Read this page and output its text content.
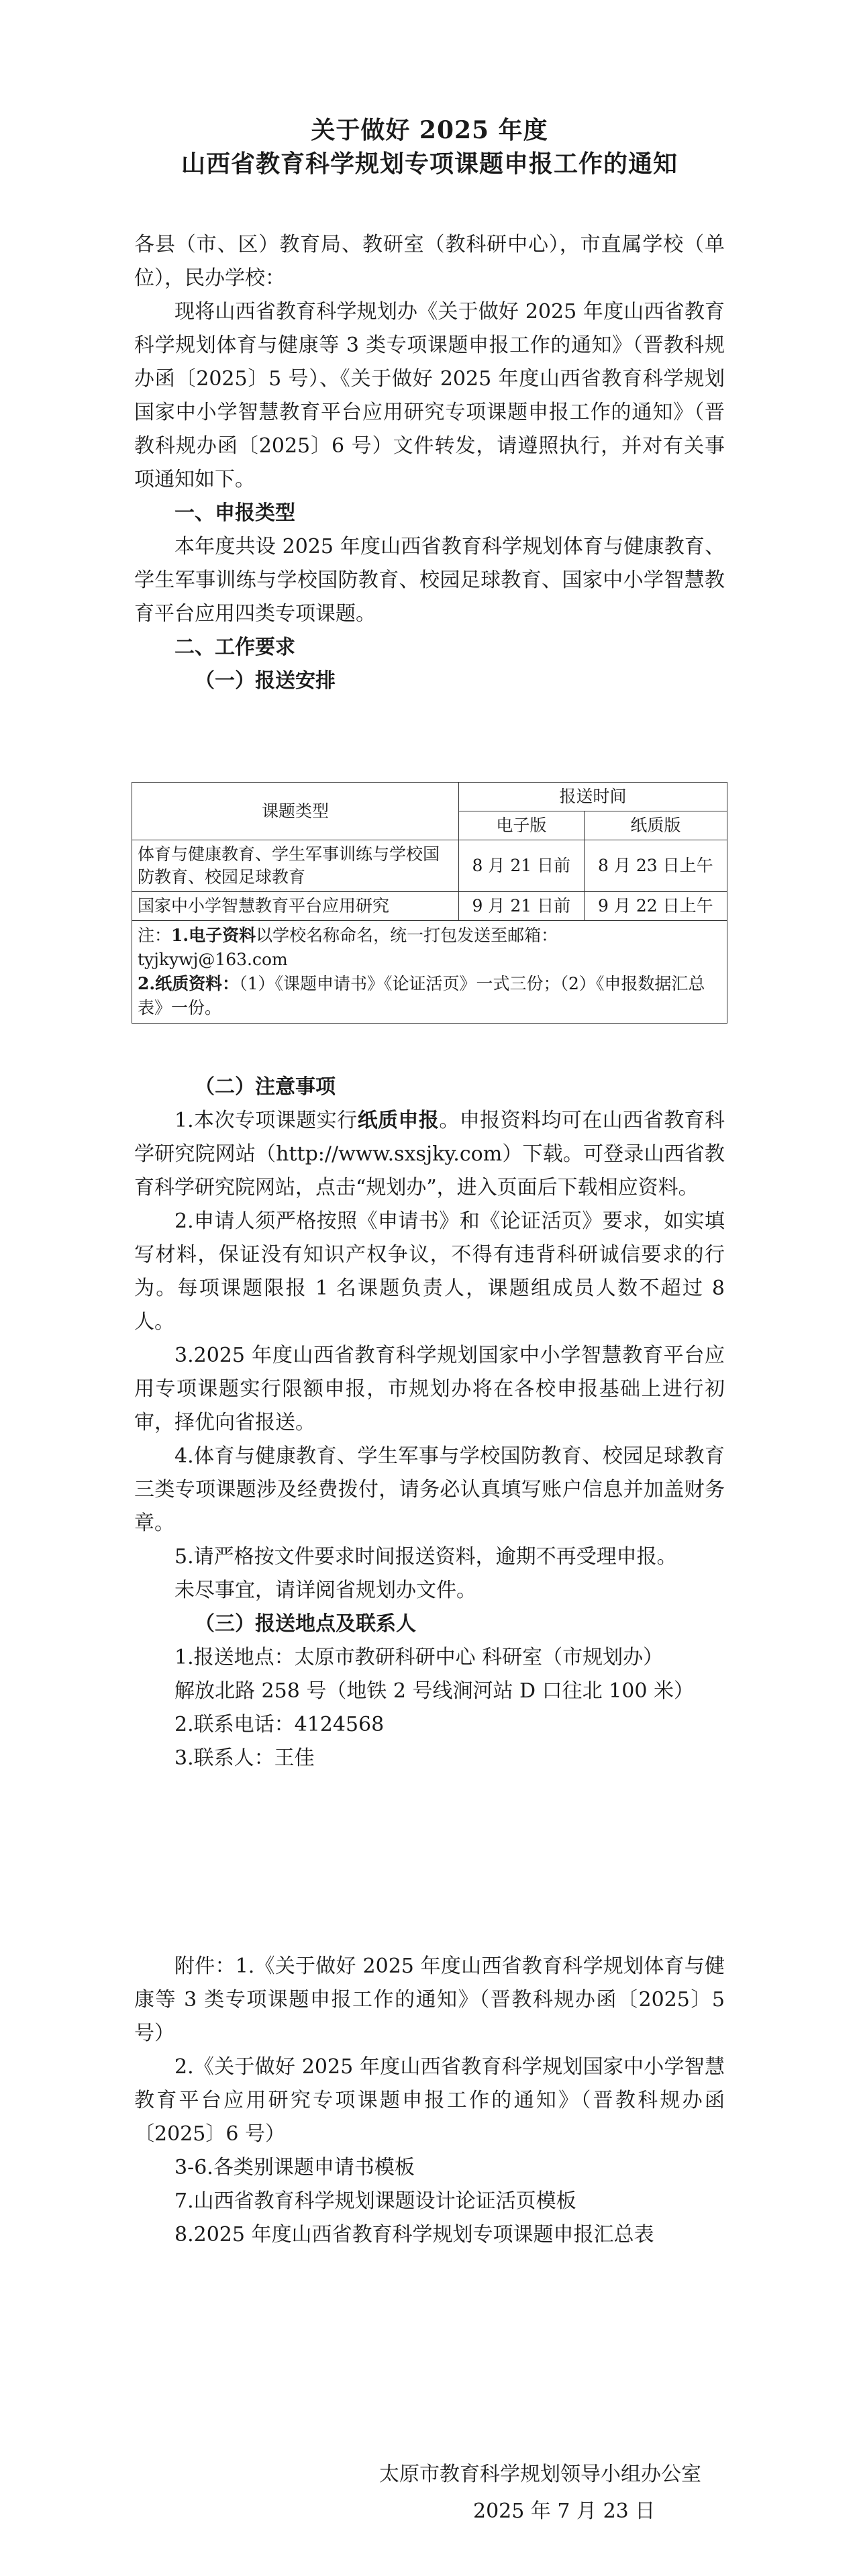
关于做好 2025 年度
山西省教育科学规划专项课题申报工作的通知

各县（市、区）教育局、教研室（教科研中心），市直属学校（单位），民办学校：

现将山西省教育科学规划办《关于做好 2025 年度山西省教育科学规划体育与健康等 3 类专项课题申报工作的通知》（晋教科规办函〔2025〕5 号）、《关于做好 2025 年度山西省教育科学规划国家中小学智慧教育平台应用研究专项课题申报工作的通知》（晋教科规办函〔2025〕6 号）文件转发，请遵照执行，并对有关事项通知如下。

一、申报类型

本年度共设 2025 年度山西省教育科学规划体育与健康教育、学生军事训练与学校国防教育、校园足球教育、国家中小学智慧教育平台应用四类专项课题。

二、工作要求

（一）报送安排

课题类型	报送时间	
	电子版	纸质版
体育与健康教育、学生军事训练与学校国防教育、校园足球教育	8 月 21 日前	8 月 23 日上午
国家中小学智慧教育平台应用研究	9 月 21 日前	9 月 22 日上午
注：1.电子资料以学校名称命名，统一打包发送至邮箱：
tyjkywj@163.com
2.纸质资料：（1）《课题申请书》《论证活页》一式三份；（2）《申报数据汇总表》一份。		

（二）注意事项

1.本次专项课题实行纸质申报。申报资料均可在山西省教育科学研究院网站（http://www.sxsjky.com）下载。可登录山西省教育科学研究院网站，点击“规划办”，进入页面后下载相应资料。

2.申请人须严格按照《申请书》和《论证活页》要求，如实填写材料，保证没有知识产权争议，不得有违背科研诚信要求的行为。每项课题限报 1 名课题负责人，课题组成员人数不超过 8 人。

3.2025 年度山西省教育科学规划国家中小学智慧教育平台应用专项课题实行限额申报，市规划办将在各校申报基础上进行初审，择优向省报送。

4.体育与健康教育、学生军事与学校国防教育、校园足球教育三类专项课题涉及经费拨付，请务必认真填写账户信息并加盖财务章。

5.请严格按文件要求时间报送资料，逾期不再受理申报。

未尽事宜，请详阅省规划办文件。

（三）报送地点及联系人

1.报送地点：太原市教研科研中心 科研室（市规划办）

解放北路 258 号（地铁 2 号线涧河站 D 口往北 100 米）

2.联系电话：4124568

3.联系人：王佳

附件：1.《关于做好 2025 年度山西省教育科学规划体育与健康等 3 类专项课题申报工作的通知》（晋教科规办函〔2025〕5 号）

2.《关于做好 2025 年度山西省教育科学规划国家中小学智慧教育平台应用研究专项课题申报工作的通知》（晋教科规办函〔2025〕6 号）

3-6.各类别课题申请书模板

7.山西省教育科学规划课题设计论证活页模板

8.2025 年度山西省教育科学规划专项课题申报汇总表

太原市教育科学规划领导小组办公室
2025 年 7 月 23 日
